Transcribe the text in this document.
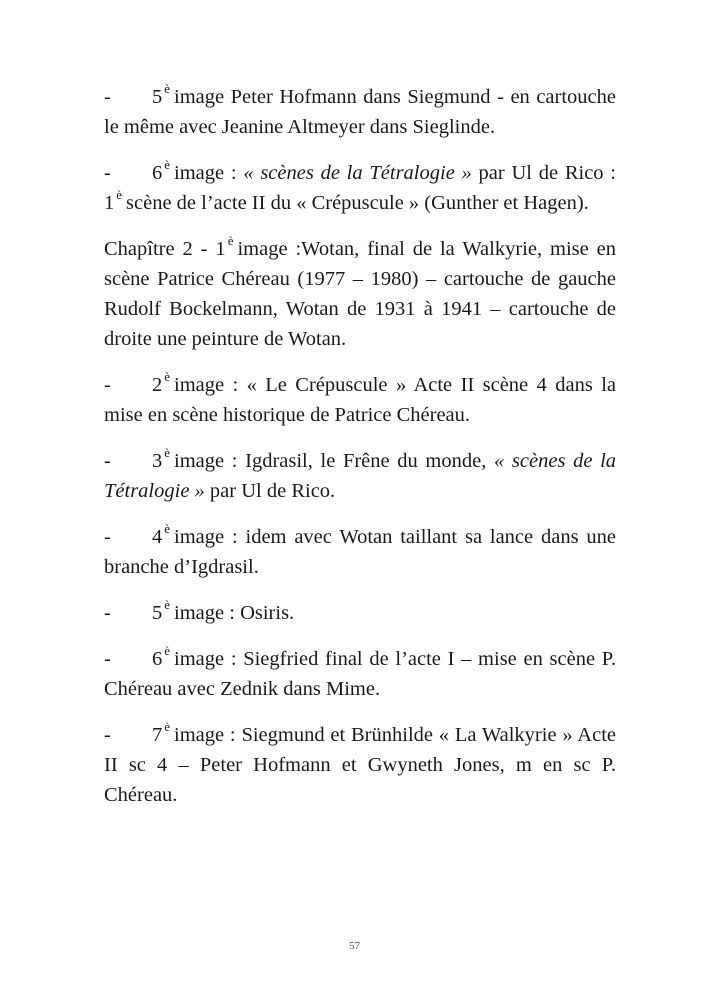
- 5 $^è$ image Peter Hofmann dans Siegmund - en cartouche le même avec Jeanine Altmeyer dans Sieglinde.

- 6 $^è$ image : « scènes de la Tétralogie » par Ul de Rico : 1 $^è$ scène de l’acte II du « Crépuscule » (Gunther et Hagen).

Chapître 2 - 1 $^è$ image :Wotan, final de la Walkyrie, mise en scène Patrice Chéreau (1977 – 1980) – cartouche de gauche Rudolf Bockelmann, Wotan de 1931 à 1941 – cartouche de droite une peinture de Wotan.

- 2 $^è$ image : « Le Crépuscule » Acte II scène 4 dans la mise en scène historique de Patrice Chéreau.

- 3 $^è$ image : Igdrasil, le Frêne du monde, « scènes de la Tétralogie » par Ul de Rico.

- 4 $^è$ image : idem avec Wotan taillant sa lance dans une branche d’Igdrasil.

- 5 $^è$ image : Osiris.

- 6 $^è$ image : Siegfried final de l’acte I – mise en scène P. Chéreau avec Zednik dans Mime.

- 7 $^è$ image : Siegmund et Brünhilde « La Walkyrie » Acte II sc 4 – Peter Hofmann et Gwyneth Jones, m en sc P. Chéreau.

57
